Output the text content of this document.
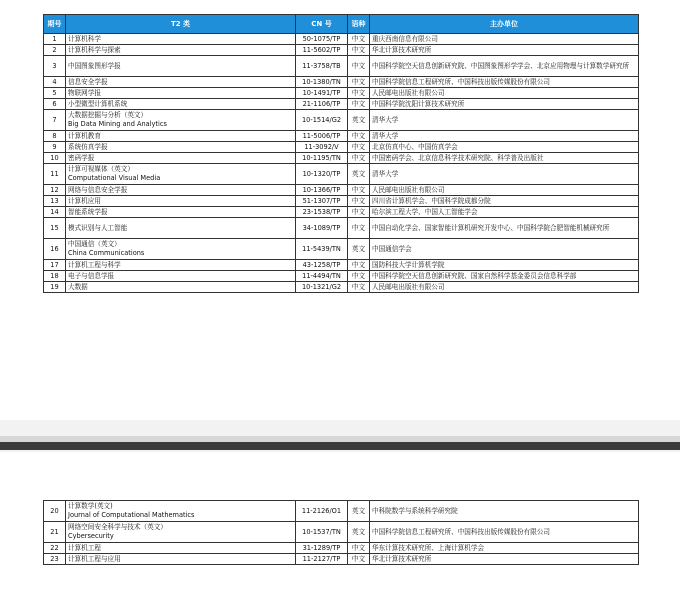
期号	T2 类	CN 号	语种	主办单位
1	计算机科学	50-1075/TP	中文	重庆西南信息有限公司
2	计算机科学与探索	11-5602/TP	中文	华北计算技术研究所
3	中国图象图形学报	11-3758/TB	中文	中国科学院空天信息创新研究院、中国图象图形学学会、北京应用物理与计算数学研究所
4	信息安全学报	10-1380/TN	中文	中国科学院信息工程研究所、中国科技出版传媒股份有限公司
5	物联网学报	10-1491/TP	中文	人民邮电出版社有限公司
6	小型微型计算机系统	21-1106/TP	中文	中国科学院沈阳计算技术研究所
7	大数据挖掘与分析（英文）
Big Data Mining and Analytics	10-1514/G2	英文	清华大学
8	计算机教育	11-5006/TP	中文	清华大学
9	系统仿真学报	11-3092/V	中文	北京仿真中心、中国仿真学会
10	密码学报	10-1195/TN	中文	中国密码学会、北京信息科学技术研究院、科学普及出版社
11	计算可视媒体（英文）
Computational Visual Media	10-1320/TP	英文	清华大学
12	网络与信息安全学报	10-1366/TP	中文	人民邮电出版社有限公司
13	计算机应用	51-1307/TP	中文	四川省计算机学会、中国科学院成都分院
14	智能系统学报	23-1538/TP	中文	哈尔滨工程大学、中国人工智能学会
15	模式识别与人工智能	34-1089/TP	中文	中国自动化学会、国家智能计算机研究开发中心、中国科学院合肥智能机械研究所
16	中国通信（英文）
China Communications	11-5439/TN	英文	中国通信学会
17	计算机工程与科学	43-1258/TP	中文	国防科技大学计算机学院
18	电子与信息学报	11-4494/TN	中文	中国科学院空天信息创新研究院、国家自然科学基金委员会信息科学部
19	大数据	10-1321/G2	中文	人民邮电出版社有限公司
20	计算数学(英文)
Journal of Computational Mathematics	11-2126/O1	英文	中科院数学与系统科学研究院
21	网络空间安全科学与技术（英文）
Cybersecurity	10-1537/TN	英文	中国科学院信息工程研究所、中国科技出版传媒股份有限公司
22	计算机工程	31-1289/TP	中文	华东计算技术研究所、上海计算机学会
23	计算机工程与应用	11-2127/TP	中文	华北计算技术研究所
